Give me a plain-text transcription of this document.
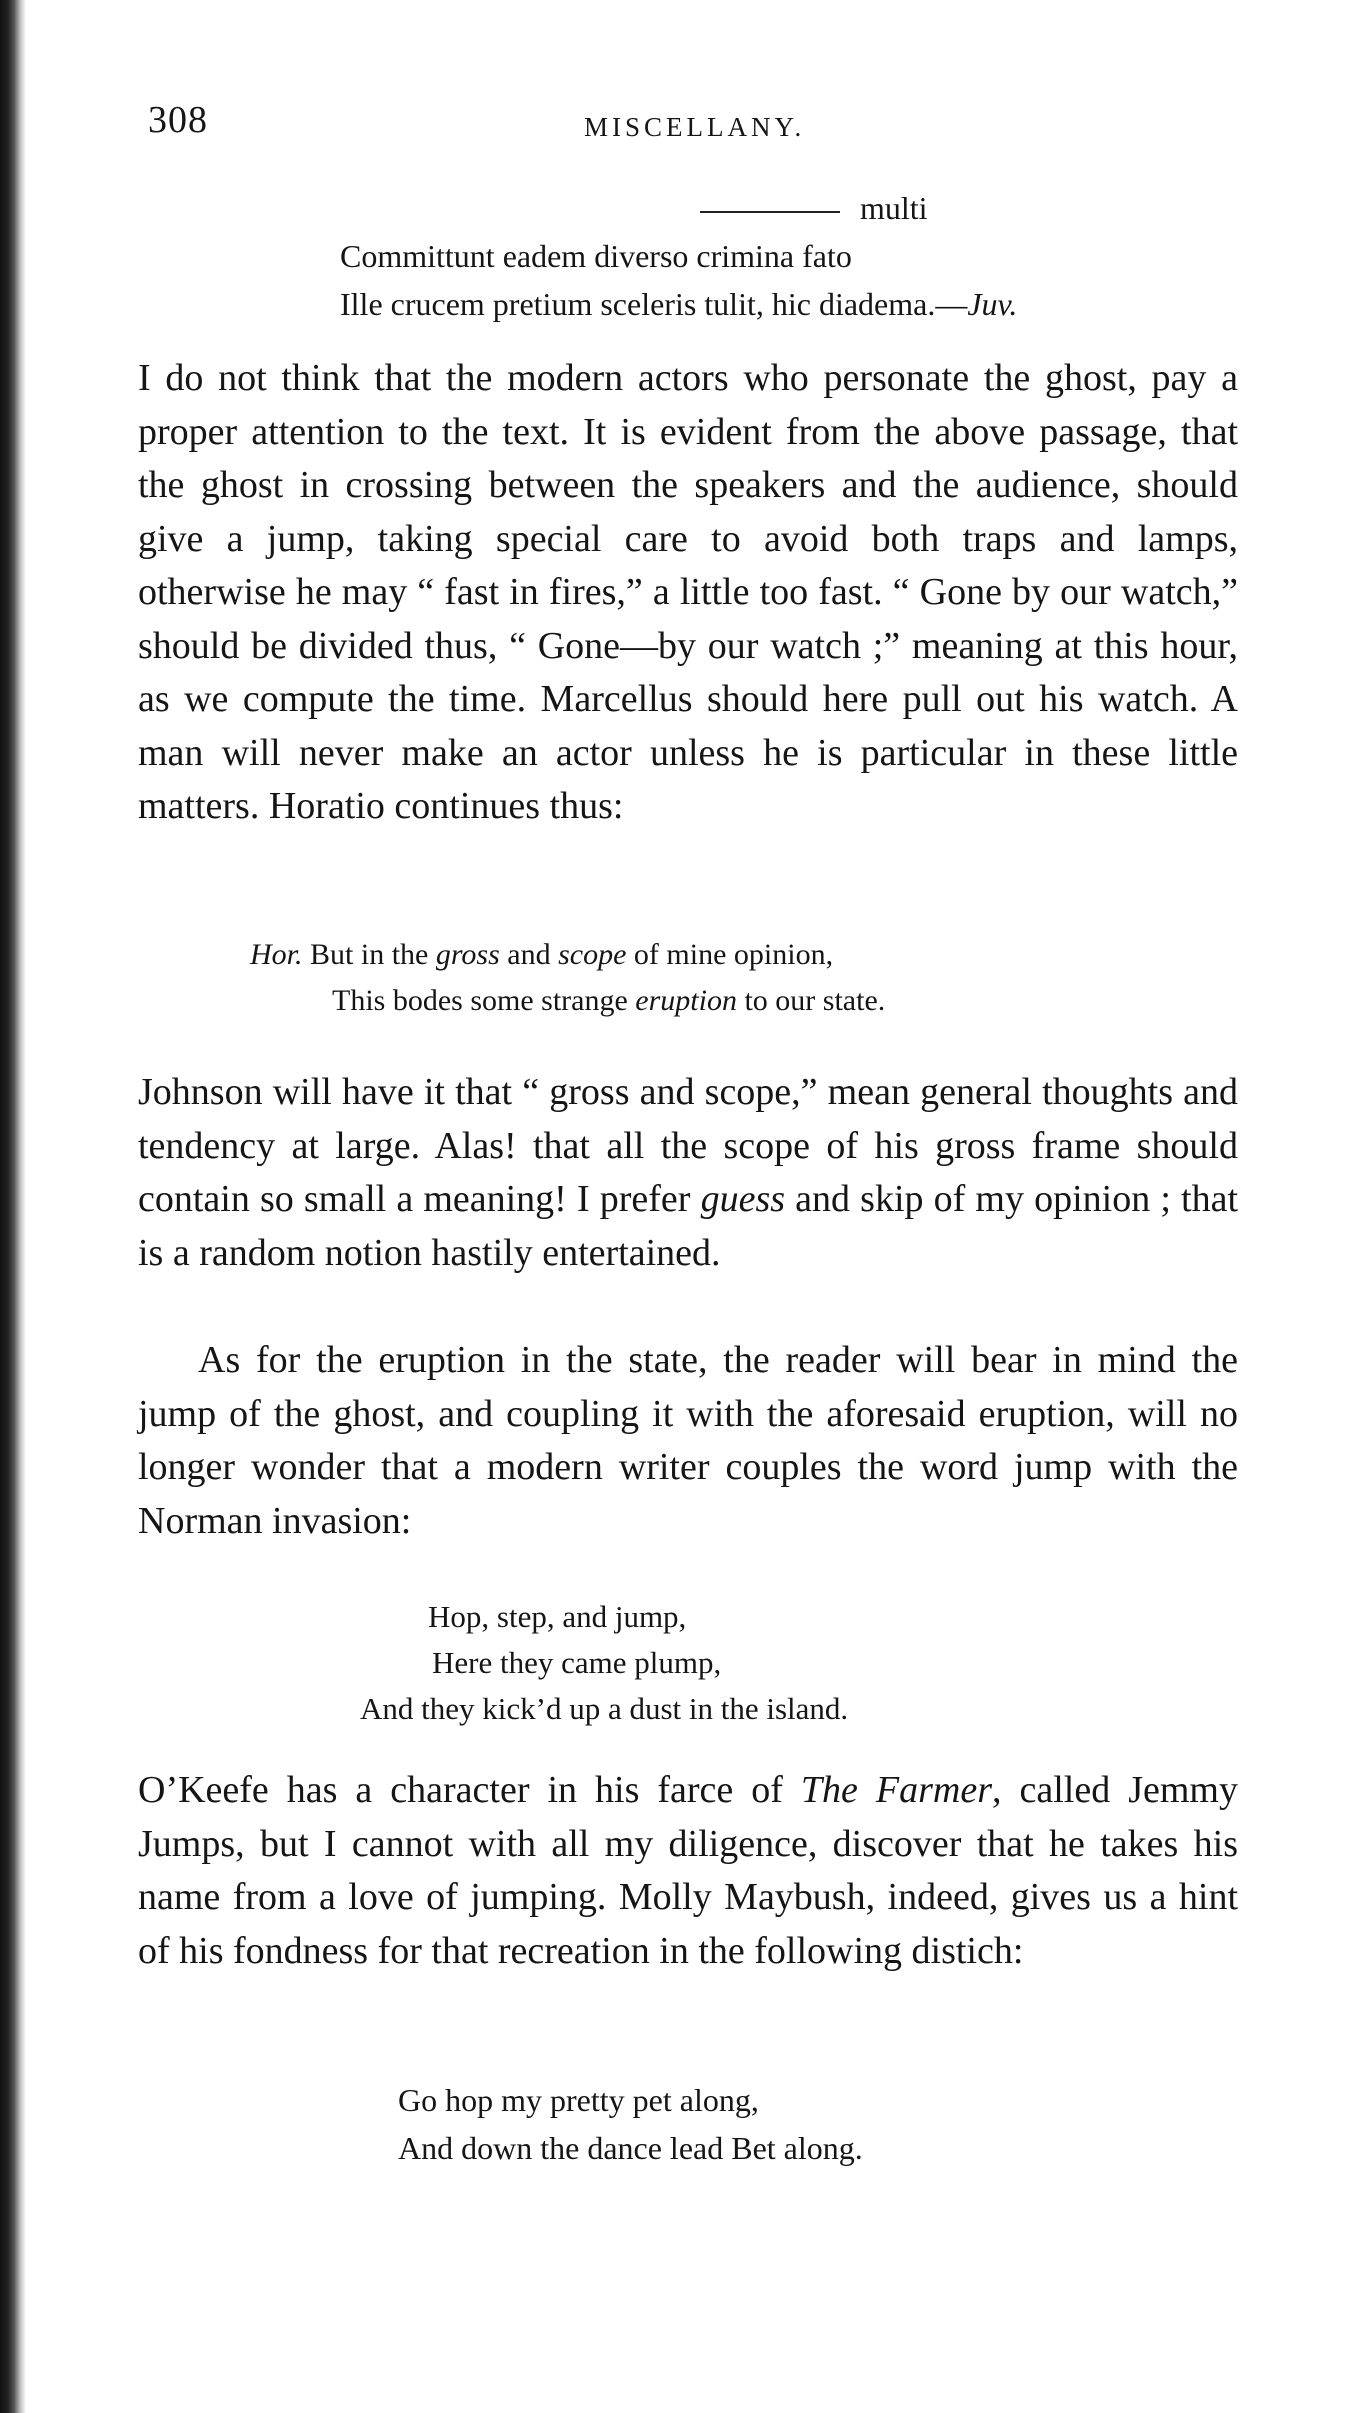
308	MISCELLANY.
multi
Committunt eadem diverso crimina fato
Ille crucem pretium sceleris tulit, hic diadema.—Juv.

I do not think that the modern actors who personate the ghost, pay a proper attention to the text. It is evident from the above passage, that the ghost in crossing between the speakers and the audience, should give a jump, taking special care to avoid both traps and lamps, otherwise he may “ fast in fires,” a little too fast. “ Gone by our watch,” should be divided thus, “ Gone—by our watch ;” meaning at this hour, as we compute the time. Marcellus should here pull out his watch. A man will never make an actor unless he is particular in these little matters. Horatio continues thus:

Hor. But in the gross and scope of mine opinion,
This bodes some strange eruption to our state.

Johnson will have it that “ gross and scope,” mean general thoughts and tendency at large. Alas! that all the scope of his gross frame should contain so small a meaning! I prefer guess and skip of my opinion ; that is a random notion hastily entertained.

As for the eruption in the state, the reader will bear in mind the jump of the ghost, and coupling it with the aforesaid eruption, will no longer wonder that a modern writer couples the word jump with the Norman invasion:

Hop, step, and jump,
Here they came plump,
And they kick’d up a dust in the island.

O’Keefe has a character in his farce of The Farmer, called Jemmy Jumps, but I cannot with all my diligence, discover that he takes his name from a love of jumping. Molly Maybush, indeed, gives us a hint of his fondness for that recreation in the following distich:

Go hop my pretty pet along,
And down the dance lead Bet along.
